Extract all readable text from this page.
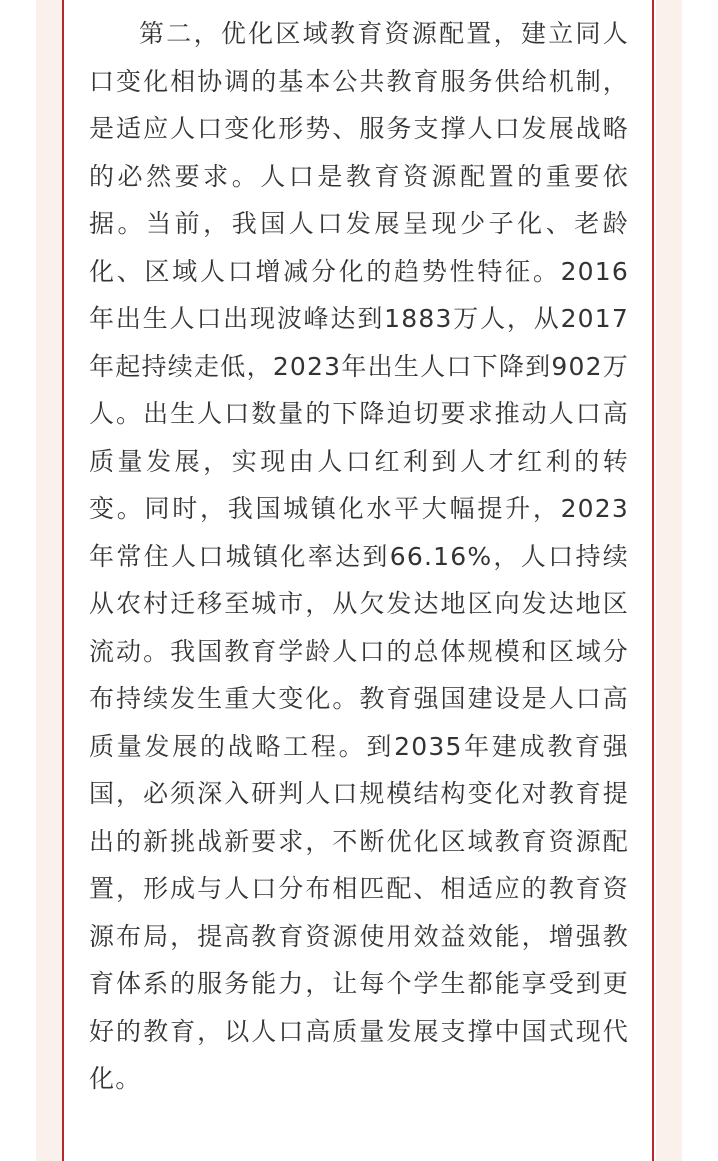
第二，优化区域教育资源配置，建立同人口变化相协调的基本公共教育服务供给机制，是适应人口变化形势、服务支撑人口发展战略的必然要求。人口是教育资源配置的重要依据。当前，我国人口发展呈现少子化、老龄化、区域人口增减分化的趋势性特征。2016年出生人口出现波峰达到1883万人，从2017年起持续走低，2023年出生人口下降到902万人。出生人口数量的下降迫切要求推动人口高质量发展，实现由人口红利到人才红利的转变。同时，我国城镇化水平大幅提升，2023年常住人口城镇化率达到66.16%，人口持续从农村迁移至城市，从欠发达地区向发达地区流动。我国教育学龄人口的总体规模和区域分布持续发生重大变化。教育强国建设是人口高质量发展的战略工程。到2035年建成教育强国，必须深入研判人口规模结构变化对教育提出的新挑战新要求，不断优化区域教育资源配置，形成与人口分布相匹配、相适应的教育资源布局，提高教育资源使用效益效能，增强教育体系的服务能力，让每个学生都能享受到更好的教育，以人口高质量发展支撑中国式现代化。
